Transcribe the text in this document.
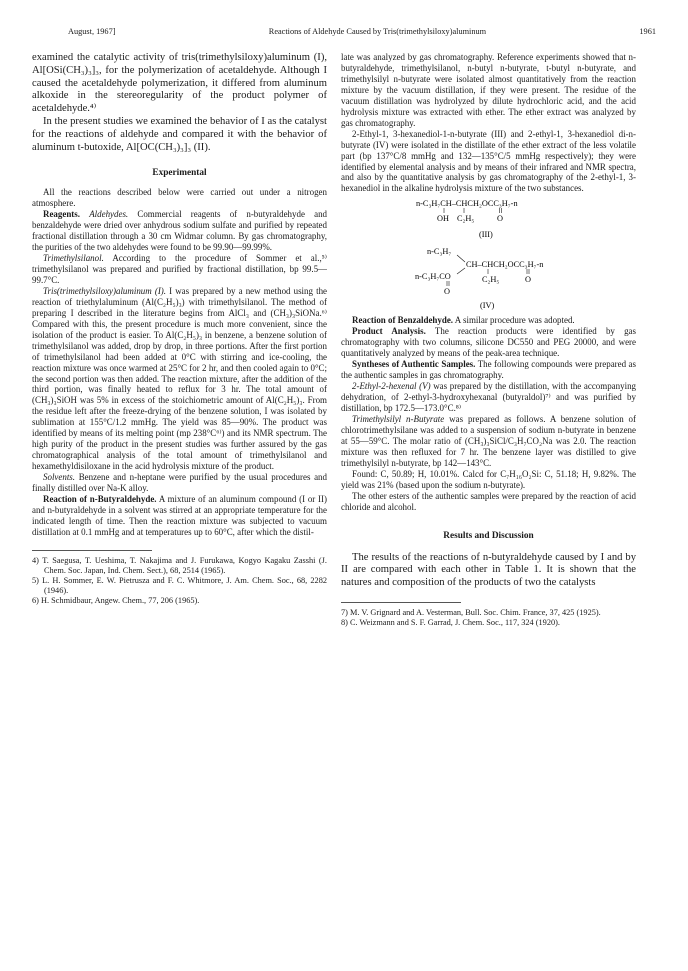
August, 1967]	Reactions of Aldehyde Caused by Tris(trimethylsiloxy)aluminum	1961

examined the catalytic activity of tris(trimethylsiloxy)aluminum (I), Al[OSi(CH₃)₃]₃, for the polymerization of acetaldehyde. Although I caused the acetaldehyde polymerization, it differed from aluminum alkoxide in the stereoregularity of the product polymer of acetaldehyde.⁴⁾

In the present studies we examined the behavior of I as the catalyst for the reactions of aldehyde and compared it with the behavior of aluminum t-butoxide, Al[OC(CH₃)₃]₃ (II).

Experimental

All the reactions described below were carried out under a nitrogen atmosphere.

Reagents. Aldehydes. Commercial reagents of n-butyraldehyde and benzaldehyde were dried over anhydrous sodium sulfate and purified by repeated fractional distillation through a 30 cm Widmar column. By gas chromatography, the purities of the two aldehydes were found to be 99.90—99.99%.

Trimethylsilanol. According to the procedure of Sommer et al.,⁵⁾ trimethylsilanol was prepared and purified by fractional distillation, bp 99.5—99.7°C.

Tris(trimethylsiloxy)aluminum (I). I was prepared by a new method using the reaction of triethylaluminum (Al(C₂H₅)₃) with trimethylsilanol. The method of preparing I described in the literature begins from AlCl₃ and (CH₃)₃SiONa.⁶⁾ Compared with this, the present procedure is much more convenient, since the isolation of the product is easier. To Al(C₂H₅)₃ in benzene, a benzene solution of trimethylsilanol was added, drop by drop, in three portions. After the first portion of trimethylsilanol had been added at 0°C with stirring and ice-cooling, the reaction mixture was once warmed at 25°C for 2 hr, and then cooled again to 0°C; the second portion was then added. The reaction mixture, after the addition of the third portion, was finally heated to reflux for 3 hr. The total amount of (CH₃)₃SiOH was 5% in excess of the stoichiometric amount of Al(C₂H₅)₃. From the residue left after the freeze-drying of the benzene solution, I was isolated by sublimation at 155°C/1.2 mmHg. The yield was 85—90%. The product was identified by means of its melting point (mp 238°C⁶⁾) and its NMR spectrum. The high purity of the product in the present studies was further assured by the gas chromatographical analysis of the total amount of trimethylsilanol and hexamethyldisiloxane in the acid hydrolysis mixture of the product.

Solvents. Benzene and n-heptane were purified by the usual procedures and finally distilled over Na-K alloy.

Reaction of n-Butyraldehyde. A mixture of an aluminum compound (I or II) and n-butyraldehyde in a solvent was stirred at an appropriate temperature for the indicated length of time. Then the reaction mixture was subjected to vacuum distillation at 0.1 mmHg and at temperatures up to 60°C, after which the distil-

4) T. Saegusa, T. Ueshima, T. Nakajima and J. Furukawa, Kogyo Kagaku Zasshi (J. Chem. Soc. Japan, Ind. Chem. Sect.), 68, 2514 (1965).

5) L. H. Sommer, E. W. Pietrusza and F. C. Whitmore, J. Am. Chem. Soc., 68, 2282 (1946).

6) H. Schmidbaur, Angew. Chem., 77, 206 (1965).

late was analyzed by gas chromatography. Reference experiments showed that n-butyraldehyde, trimethylsilanol, n-butyl n-butyrate, t-butyl n-butyrate, and trimethylsilyl n-butyrate were isolated almost quantitatively from the reaction mixture by the vacuum distillation, if they were present. The residue of the vacuum distillation was hydrolyzed by dilute hydrochloric acid, and the acid hydrolysis mixture was extracted with ether. The ether extract was analyzed by gas chromatography.

2-Ethyl-1, 3-hexanediol-1-n-butyrate (III) and 2-ethyl-1, 3-hexanediol di-n-butyrate (IV) were isolated in the distillate of the ether extract of the less volatile part (bp 137°C/8 mmHg and 132—135°C/5 mmHg respectively); they were identified by elemental analysis and by means of their infrared and NMR spectra, and also by the quantitative analysis by gas chromatography of the 2-ethyl-1, 3-hexanediol in the alkaline hydrolysis mixture of the two substances.

n-C₃H₇CH–CHCH₂OCC₃H₇-n
OH C₂H₅	O
(III)
n-C₃H₇
CH–CHCH₂OCC₃H₇-n
n-C₃H₇CO	C₂H₅	O
O
(IV)

Reaction of Benzaldehyde. A similar procedure was adopted.

Product Analysis. The reaction products were identified by gas chromatography with two columns, silicone DC550 and PEG 20000, and were quantitatively analyzed by means of the peak-area technique.

Syntheses of Authentic Samples. The following compounds were prepared as the authentic samples in gas chromatography.

2-Ethyl-2-hexenal (V) was prepared by the distillation, with the accompanying dehydration, of 2-ethyl-3-hydroxyhexanal (butyraldol)⁷⁾ and was purified by distillation, bp 172.5—173.0°C.⁸⁾

Trimethylsilyl n-Butyrate was prepared as follows. A benzene solution of chlorotrimethylsilane was added to a suspension of sodium n-butyrate in benzene at 55—59°C. The molar ratio of (CH₃)₃SiCl/C₃H₇CO₂Na was 2.0. The reaction mixture was then refluxed for 7 hr. The benzene layer was distilled to give trimethylsilyl n-butyrate, bp 142—143°C.

Found: C, 50.89; H, 10.01%. Calcd for C₇H₁₆O₂Si: C, 51.18; H, 9.82%. The yield was 21% (based upon the sodium n-butyrate).

The other esters of the authentic samples were prepared by the reaction of acid chloride and alcohol.

Results and Discussion

The results of the reactions of n-butyraldehyde caused by I and by II are compared with each other in Table 1. It is shown that the natures and composition of the products of two the catalysts

7) M. V. Grignard and A. Vesterman, Bull. Soc. Chim. France, 37, 425 (1925).

8) C. Weizmann and S. F. Garrad, J. Chem. Soc., 117, 324 (1920).
